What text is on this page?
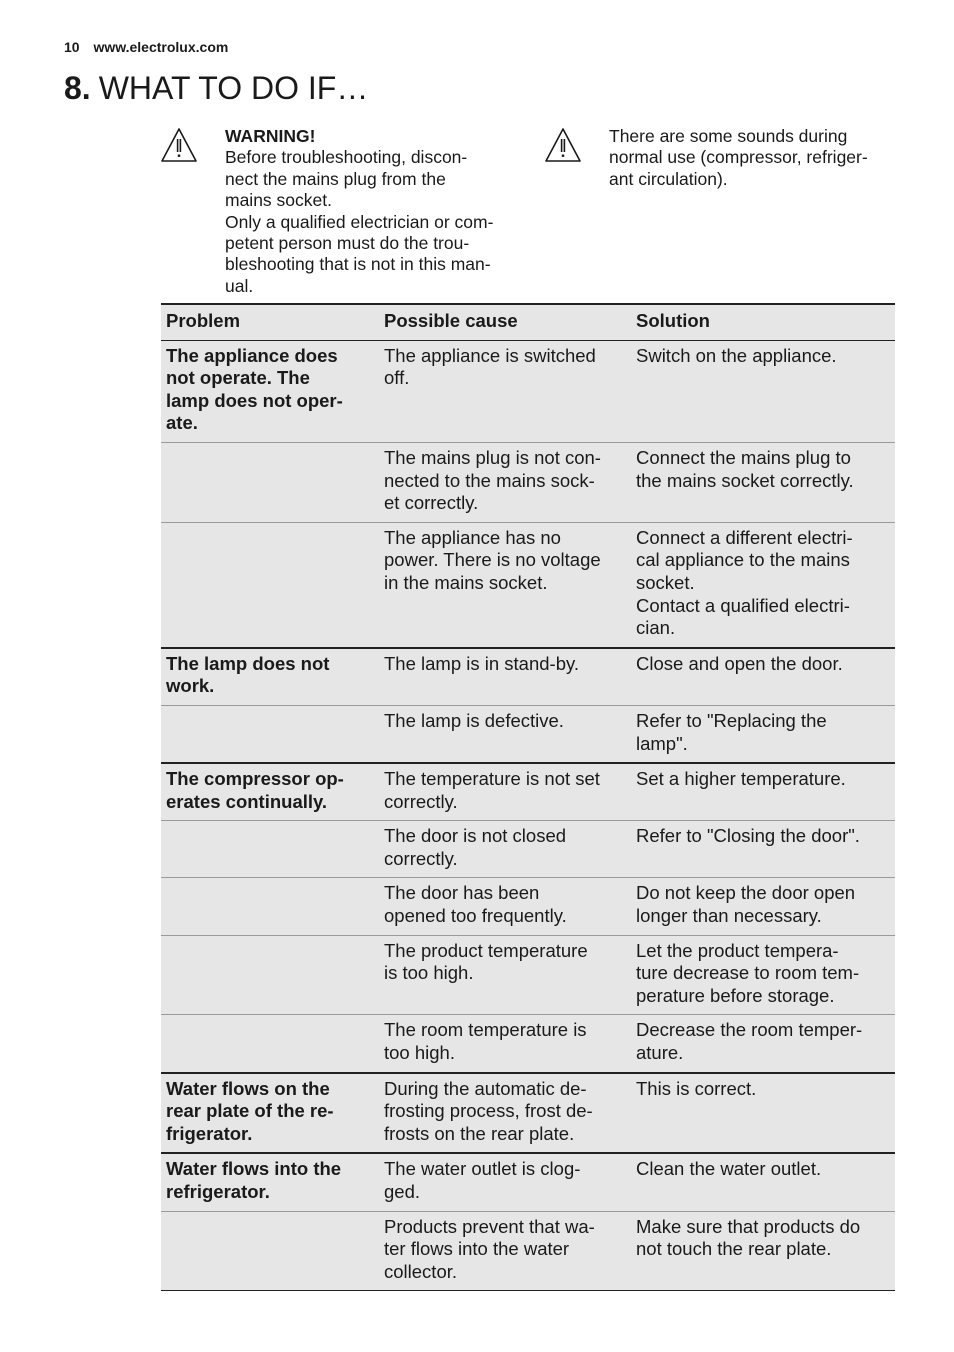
10 www.electrolux.com
8. WHAT TO DO IF…
WARNING!
Before troubleshooting, discon-
nect the mains plug from the
mains socket.
Only a qualified electrician or com-
petent person must do the trou-
bleshooting that is not in this man-
ual.
There are some sounds during
normal use (compressor, refriger-
ant circulation).
Problem	Possible cause	Solution

The appliance does
not operate. The
lamp does not oper-
ate.	The appliance is switched
off.	Switch on the appliance.

	The mains plug is not con-
nected to the mains sock-
et correctly.	Connect the mains plug to
the mains socket correctly.

	The appliance has no
power. There is no voltage
in the mains socket.	Connect a different electri-
cal appliance to the mains
socket.
Contact a qualified electri-
cian.

The lamp does not
work.	The lamp is in stand-by.	Close and open the door.

	The lamp is defective.	Refer to "Replacing the
lamp".

The compressor op-
erates continually.	The temperature is not set
correctly.	Set a higher temperature.

	The door is not closed
correctly.	Refer to "Closing the door".

	The door has been
opened too frequently.	Do not keep the door open
longer than necessary.

	The product temperature
is too high.	Let the product tempera-
ture decrease to room tem-
perature before storage.

	The room temperature is
too high.	Decrease the room temper-
ature.

Water flows on the
rear plate of the re-
frigerator.	During the automatic de-
frosting process, frost de-
frosts on the rear plate.	This is correct.

Water flows into the
refrigerator.	The water outlet is clog-
ged.	Clean the water outlet.

	Products prevent that wa-
ter flows into the water
collector.	Make sure that products do
not touch the rear plate.
